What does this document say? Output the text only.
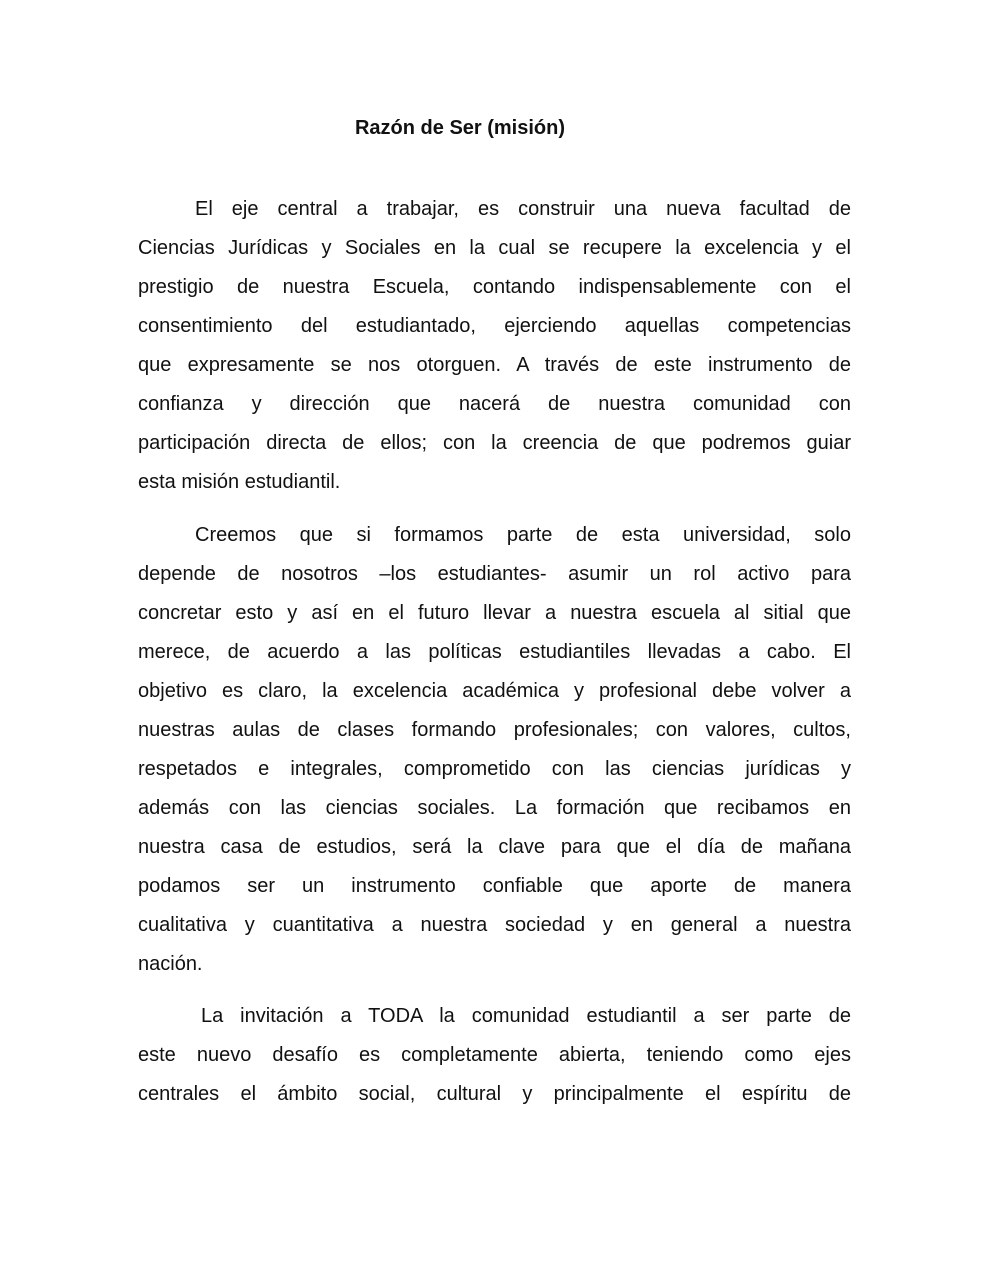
Razón de Ser (misión)
El eje central a trabajar, es construir una nueva facultad de
Ciencias Jurídicas y Sociales en la cual se recupere la excelencia y el
prestigio de nuestra Escuela, contando indispensablemente con el
consentimiento del estudiantado, ejerciendo aquellas competencias
que expresamente se nos otorguen. A través de este instrumento de
confianza y dirección que nacerá de nuestra comunidad con
participación directa de ellos; con la creencia de que podremos guiar
esta misión estudiantil.
Creemos que si formamos parte de esta universidad, solo
depende de nosotros –los estudiantes- asumir un rol activo para
concretar esto y así en el futuro llevar a nuestra escuela al sitial que
merece, de acuerdo a las políticas estudiantiles llevadas a cabo. El
objetivo es claro, la excelencia académica y profesional debe volver a
nuestras aulas de clases formando profesionales; con valores, cultos,
respetados e integrales, comprometido con las ciencias jurídicas y
además con las ciencias sociales. La formación que recibamos en
nuestra casa de estudios, será la clave para que el día de mañana
podamos ser un instrumento confiable que aporte de manera
cualitativa y cuantitativa a nuestra sociedad y en general a nuestra
nación.
La invitación a TODA la comunidad estudiantil a ser parte de
este nuevo desafío es completamente abierta, teniendo como ejes
centrales el ámbito social, cultural y principalmente el espíritu de
